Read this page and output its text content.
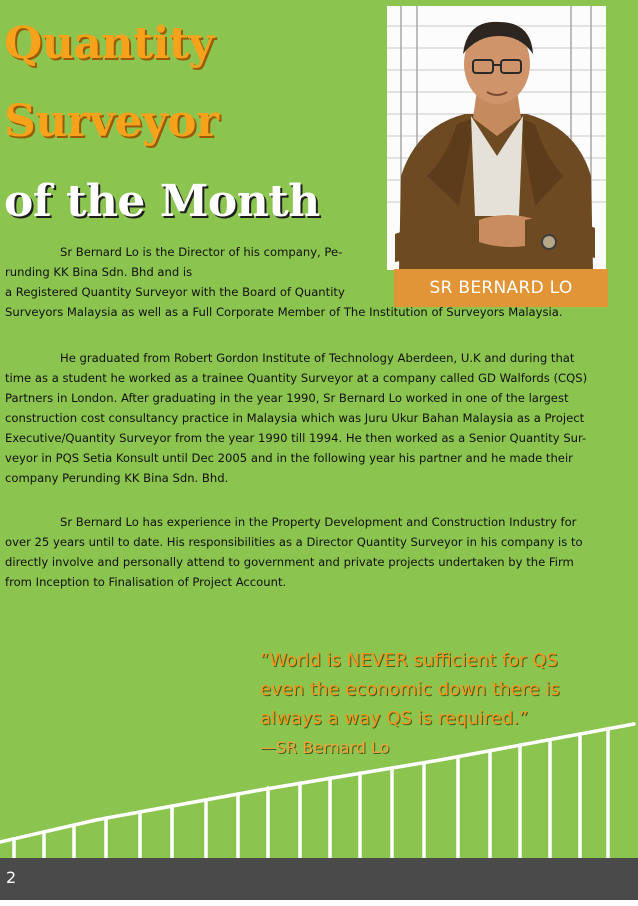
Quantity
Surveyor
of the Month
SR BERNARD LO

Sr Bernard Lo is the Director of his company, Pe-
runding KK Bina Sdn. Bhd and is
a Registered Quantity Surveyor with the Board of Quantity
Surveyors Malaysia as well as a Full Corporate Member of The Institution of Surveyors Malaysia.

He graduated from Robert Gordon Institute of Technology Aberdeen, U.K and during that
time as a student he worked as a trainee Quantity Surveyor at a company called GD Walfords (CQS)
Partners in London. After graduating in the year 1990, Sr Bernard Lo worked in one of the largest
construction cost consultancy practice in Malaysia which was Juru Ukur Bahan Malaysia as a Project
Executive/Quantity Surveyor from the year 1990 till 1994. He then worked as a Senior Quantity Sur-
veyor in PQS Setia Konsult until Dec 2005 and in the following year his partner and he made their
company Perunding KK Bina Sdn. Bhd.

Sr Bernard Lo has experience in the Property Development and Construction Industry for
over 25 years until to date. His responsibilities as a Director Quantity Surveyor in his company is to
directly involve and personally attend to government and private projects undertaken by the Firm
from Inception to Finalisation of Project Account.

“World is NEVER sufficient for QS
even the economic down there is
always a way QS is required.”
—SR Bernard Lo

2
